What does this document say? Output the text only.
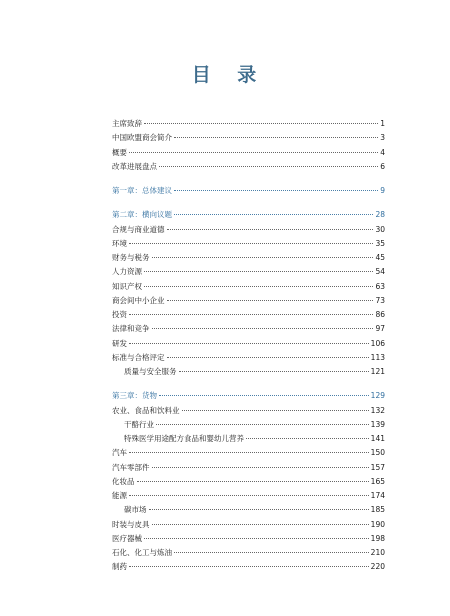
目 录
主席致辞	1
中国欧盟商会简介	3
概要	4
改革进展盘点	6
第一章：总体建议	9
第二章：横向议题	28
合规与商业道德	30
环境	35
财务与税务	45
人力资源	54
知识产权	63
商会间中小企业	73
投资	86
法律和竞争	97
研发	106
标准与合格评定	113
质量与安全服务	121
第三章：货物	129
农业、食品和饮料业	132
干酪行业	139
特殊医学用途配方食品和婴幼儿营养	141
汽车	150
汽车零部件	157
化妆品	165
能源	174
碳市场	185
时装与皮具	190
医疗器械	198
石化、化工与炼油	210
制药	220
